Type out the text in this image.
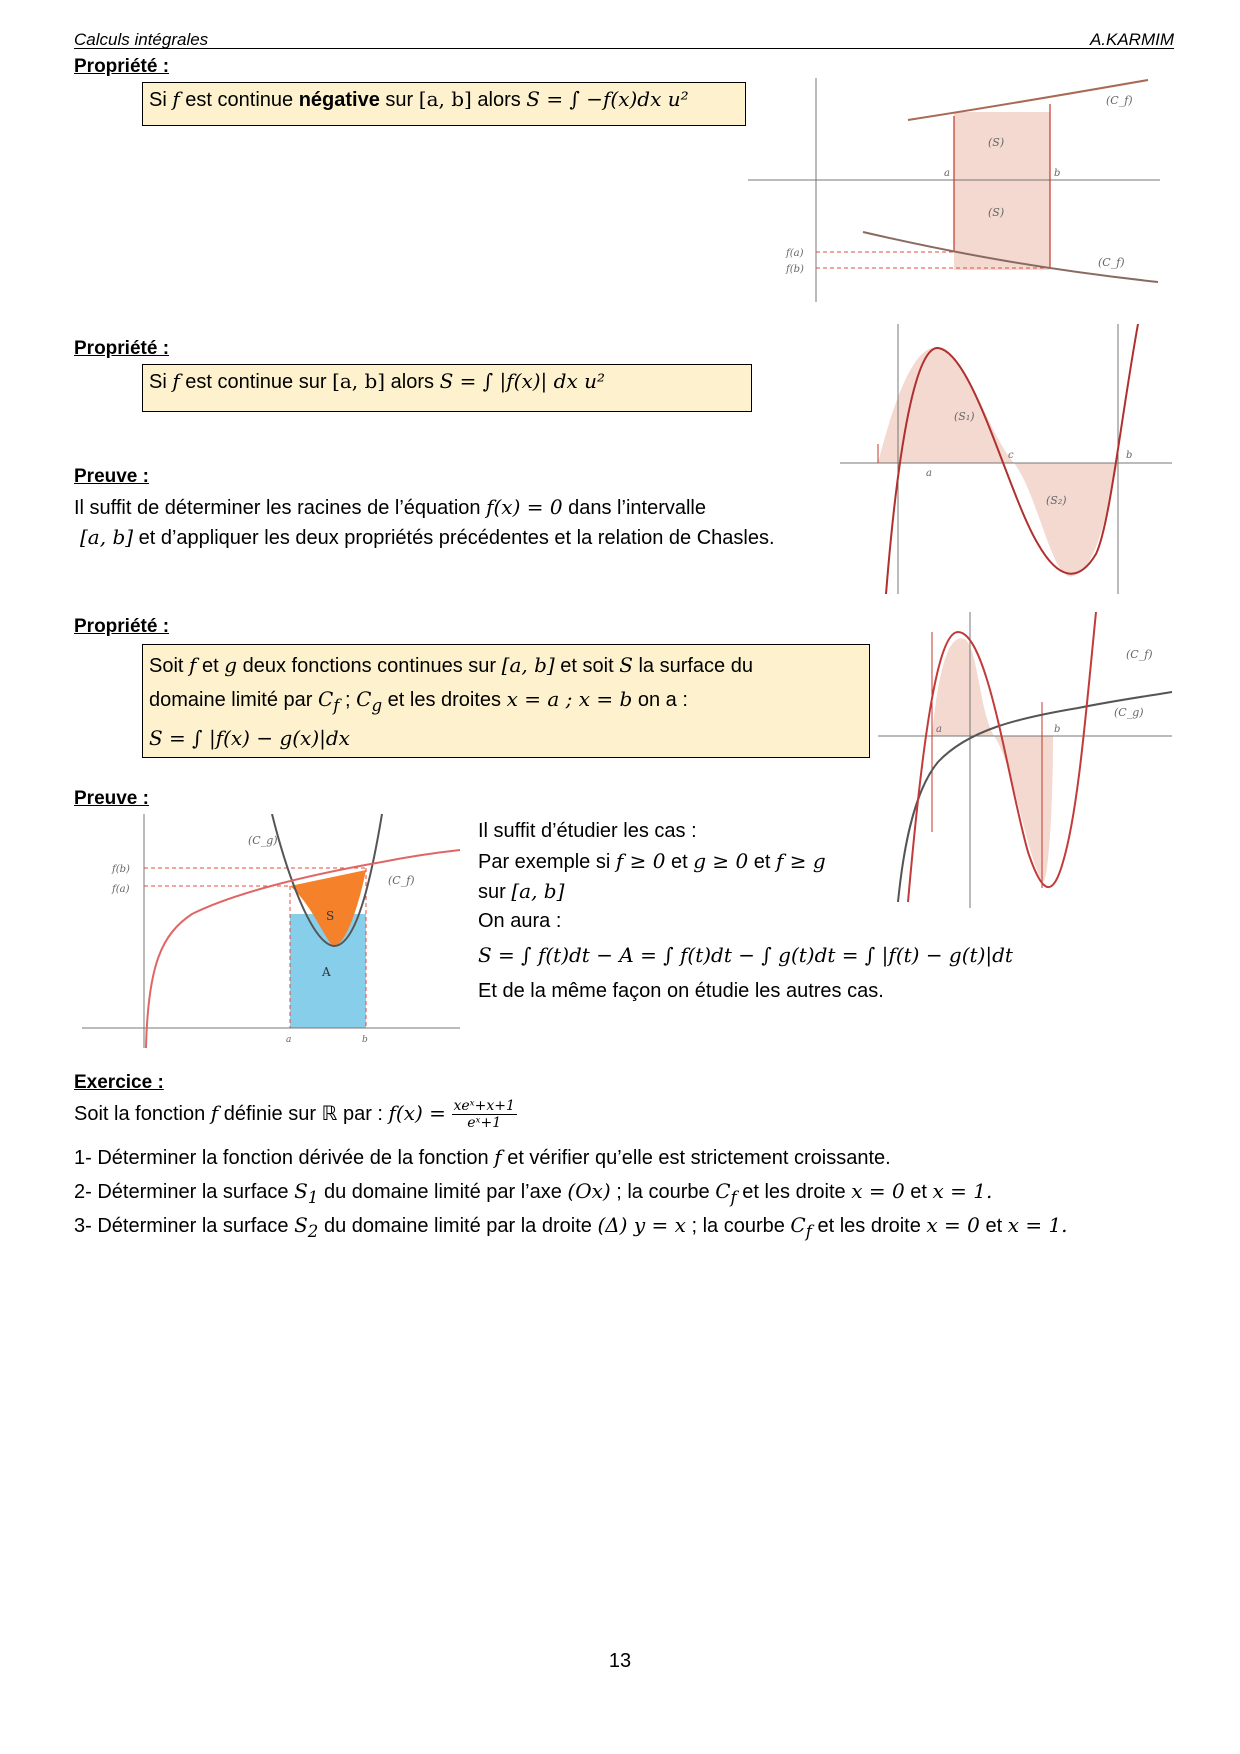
Calculs intégrales	A.KARMIM
Propriété :
Si f est continue négative sur [a, b] alors S = ∫ −f(x)dx u²	(C_f)
(S)
(S)
a	b
f(a)
f(b)
(C_f)
Propriété :
Si f est continue sur [a, b] alors S = ∫ |f(x)| dx u²
(S₁)
(S₂)
a
c	b
Preuve :
Il suffit de déterminer les racines de l’équation f(x) = 0 dans l’intervalle
[a, b] et d’appliquer les deux propriétés précédentes et la relation de Chasles.
Propriété :
Soit f et g deux fonctions continues sur [a, b] et soit S la surface du
domaine limité par $C_f$ ; $C_g$ et les droites x = a ; x = b on a :
S = ∫ |f(x) − g(x)|dx
(C_f)
(C_g)
a	b
Preuve :
(C_g)
(C_f)
f(b)
f(a)
S
A
a	b
Il suffit d’étudier les cas :
Par exemple si f ≥ 0 et g ≥ 0 et f ≥ g
sur [a, b]
On aura :
S = ∫ f(t)dt − A = ∫ f(t)dt − ∫ g(t)dt = ∫ |f(t) − g(t)|dt
Et de la même façon on étudie les autres cas.
Exercice :
Soit la fonction f définie sur ℝ par : $f(x) = \frac{\text{xeˣ+x+1}}{\text{eˣ+1}}$
1- Déterminer la fonction dérivée de la fonction f et vérifier qu’elle est strictement croissante.
2- Déterminer la surface $S_1$ du domaine limité par l’axe (Ox) ; la courbe $C_f$ et les droite x = 0 et x = 1.
3- Déterminer la surface $S_2$ du domaine limité par la droite (Δ) y = x ; la courbe $C_f$ et les droite x = 0 et x = 1.
13
